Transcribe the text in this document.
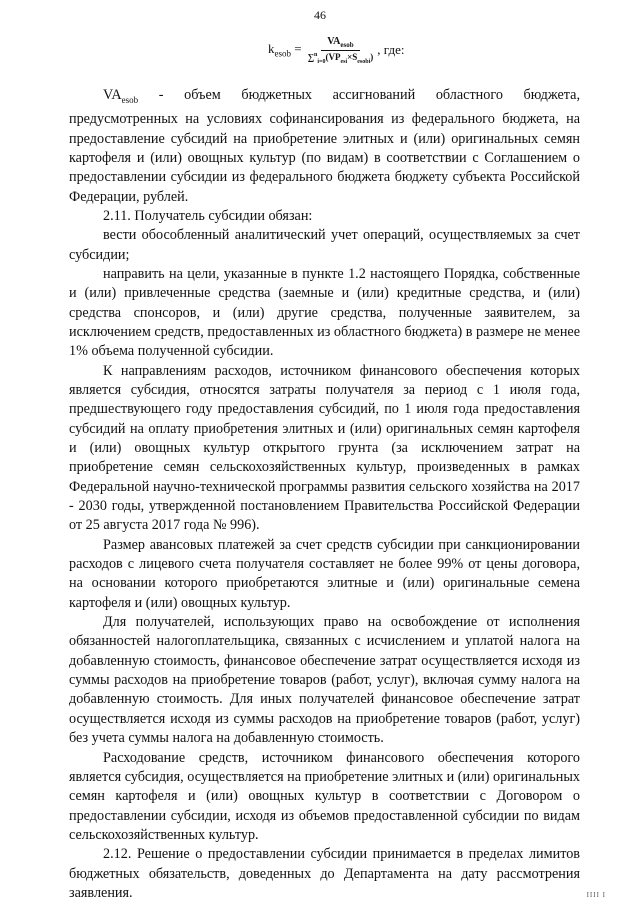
46
$k_{esob} = \frac{VA_{esob}}{\sum^n_{i=0}(VP_{esi}\times S_{esobi})}$ , где:

$VA_{esob}$ - объем бюджетных ассигнований областного бюджета, предусмотренных на условиях софинансирования из федерального бюджета, на предоставление субсидий на приобретение элитных и (или) оригинальных семян картофеля и (или) овощных культур (по видам) в соответствии с Соглашением о предоставлении субсидии из федерального бюджета бюджету субъекта Российской Федерации, рублей.

2.11. Получатель субсидии обязан:

вести обособленный аналитический учет операций, осуществляемых за счет субсидии;

направить на цели, указанные в пункте 1.2 настоящего Порядка, собственные и (или) привлеченные средства (заемные и (или) кредитные средства, и (или) средства спонсоров, и (или) другие средства, полученные заявителем, за исключением средств, предоставленных из областного бюджета) в размере не менее 1% объема полученной субсидии.

К направлениям расходов, источником финансового обеспечения которых является субсидия, относятся затраты получателя за период с 1 июля года, предшествующего году предоставления субсидий, по 1 июля года предоставления субсидий на оплату приобретения элитных и (или) оригинальных семян картофеля и (или) овощных культур открытого грунта (за исключением затрат на приобретение семян сельскохозяйственных культур, произведенных в рамках Федеральной научно-технической программы развития сельского хозяйства на 2017 - 2030 годы, утвержденной постановлением Правительства Российской Федерации от 25 августа 2017 года № 996).

Размер авансовых платежей за счет средств субсидии при санкционировании расходов с лицевого счета получателя составляет не более 99% от цены договора, на основании которого приобретаются элитные и (или) оригинальные семена картофеля и (или) овощных культур.

Для получателей, использующих право на освобождение от исполнения обязанностей налогоплательщика, связанных с исчислением и уплатой налога на добавленную стоимость, финансовое обеспечение затрат осуществляется исходя из суммы расходов на приобретение товаров (работ, услуг), включая сумму налога на добавленную стоимость. Для иных получателей финансовое обеспечение затрат осуществляется исходя из суммы расходов на приобретение товаров (работ, услуг) без учета суммы налога на добавленную стоимость.

Расходование средств, источником финансового обеспечения которого является субсидия, осуществляется на приобретение элитных и (или) оригинальных семян картофеля и (или) овощных культур в соответствии с Договором о предоставлении субсидии, исходя из объемов предоставленной субсидии по видам сельскохозяйственных культур.

2.12. Решение о предоставлении субсидии принимается в пределах лимитов бюджетных обязательств, доведенных до Департамента на дату рассмотрения заявления.	IIII I
